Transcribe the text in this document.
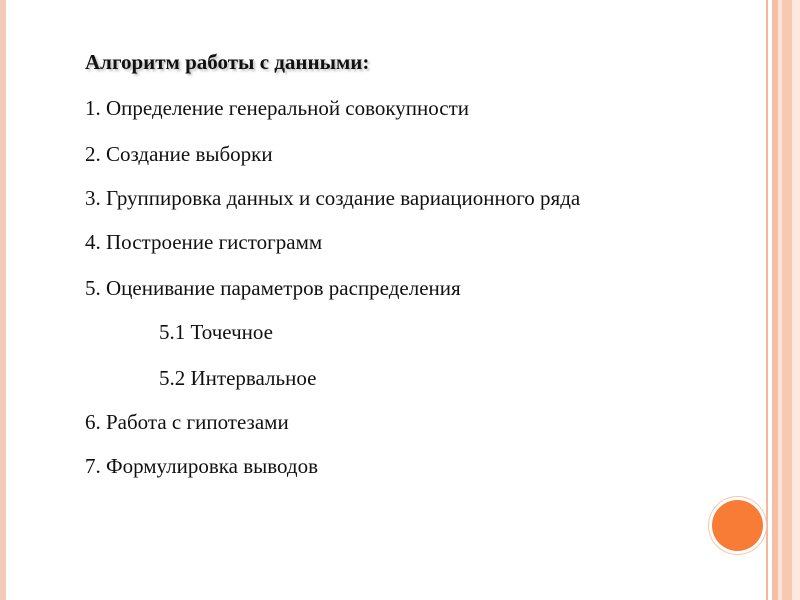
Алгоритм работы с данными:

1. Определение генеральной совокупности

2. Создание выборки

3. Группировка данных и создание вариационного ряда

4. Построение гистограмм

5. Оценивание параметров распределения

5.1 Точечное

5.2 Интервальное

6. Работа с гипотезами

7. Формулировка выводов
